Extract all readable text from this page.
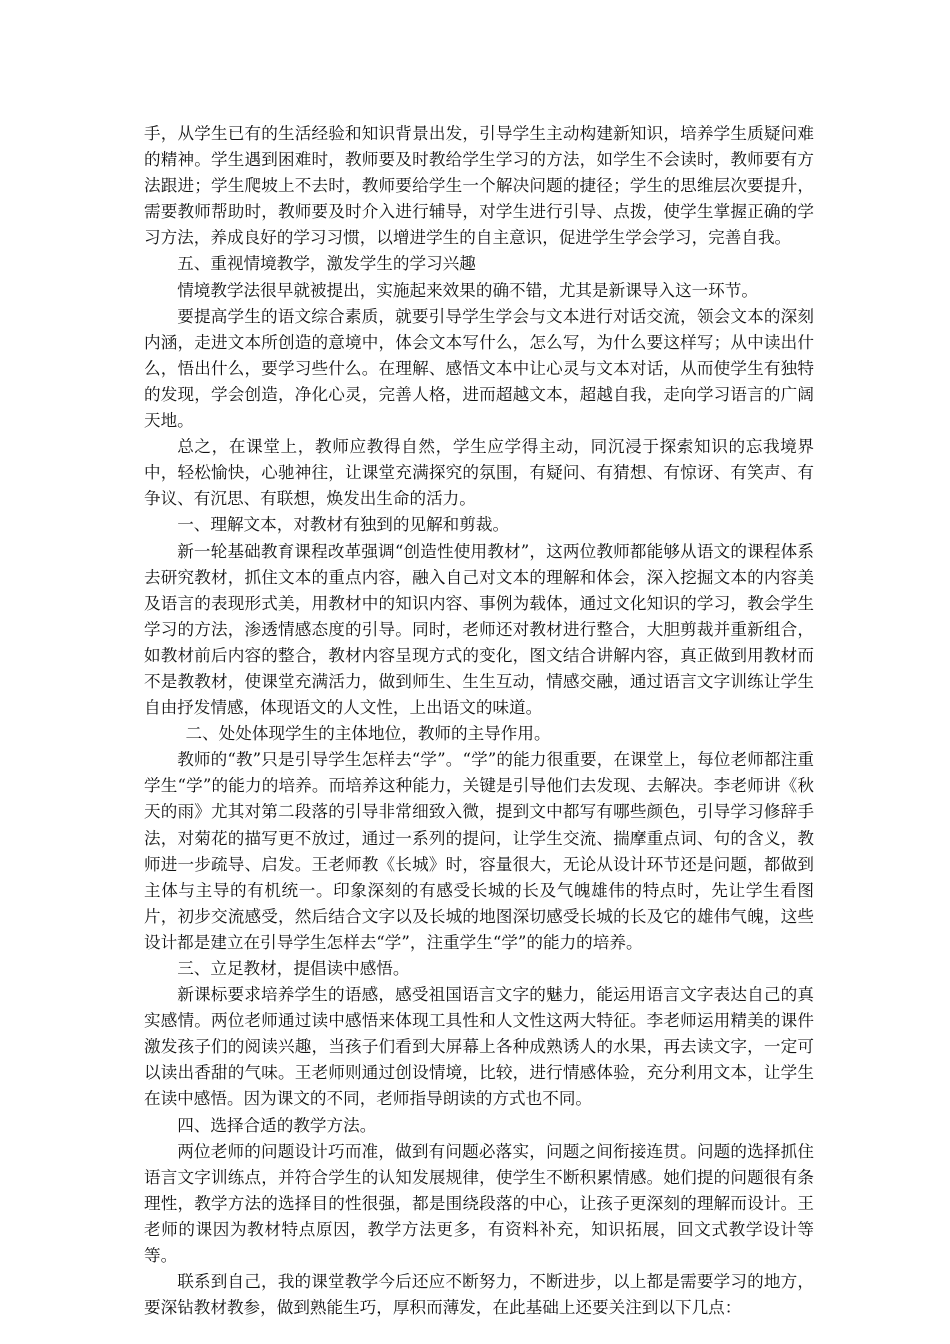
手，从学生已有的生活经验和知识背景出发，引导学生主动构建新知识，培养学生质疑问难的精神。学生遇到困难时，教师要及时教给学生学习的方法，如学生不会读时，教师要有方法跟进；学生爬坡上不去时，教师要给学生一个解决问题的捷径；学生的思维层次要提升，需要教师帮助时，教师要及时介入进行辅导，对学生进行引导、点拨，使学生掌握正确的学习方法，养成良好的学习习惯，以增进学生的自主意识，促进学生学会学习，完善自我。

五、重视情境教学，激发学生的学习兴趣

情境教学法很早就被提出，实施起来效果的确不错，尤其是新课导入这一环节。

要提高学生的语文综合素质，就要引导学生学会与文本进行对话交流，领会文本的深刻内涵，走进文本所创造的意境中，体会文本写什么，怎么写，为什么要这样写；从中读出什么，悟出什么，要学习些什么。在理解、感悟文本中让心灵与文本对话，从而使学生有独特的发现，学会创造，净化心灵，完善人格，进而超越文本，超越自我，走向学习语言的广阔天地。

总之，在课堂上，教师应教得自然，学生应学得主动，同沉浸于探索知识的忘我境界中，轻松愉快，心驰神往，让课堂充满探究的氛围，有疑问、有猜想、有惊讶、有笑声、有争议、有沉思、有联想，焕发出生命的活力。

一、理解文本，对教材有独到的见解和剪裁。

新一轮基础教育课程改革强调“创造性使用教材”，这两位教师都能够从语文的课程体系去研究教材，抓住文本的重点内容，融入自己对文本的理解和体会，深入挖掘文本的内容美及语言的表现形式美，用教材中的知识内容、事例为载体，通过文化知识的学习，教会学生学习的方法，渗透情感态度的引导。同时，老师还对教材进行整合，大胆剪裁并重新组合，如教材前后内容的整合，教材内容呈现方式的变化，图文结合讲解内容，真正做到用教材而不是教教材，使课堂充满活力，做到师生、生生互动，情感交融，通过语言文字训练让学生自由抒发情感，体现语文的人文性，上出语文的味道。

二、处处体现学生的主体地位，教师的主导作用。

教师的“教”只是引导学生怎样去“学”。“学”的能力很重要，在课堂上，每位老师都注重学生“学”的能力的培养。而培养这种能力，关键是引导他们去发现、去解决。李老师讲《秋天的雨》尤其对第二段落的引导非常细致入微，提到文中都写有哪些颜色，引导学习修辞手法，对菊花的描写更不放过，通过一系列的提问，让学生交流、揣摩重点词、句的含义，教师进一步疏导、启发。王老师教《长城》时，容量很大，无论从设计环节还是问题，都做到主体与主导的有机统一。印象深刻的有感受长城的长及气魄雄伟的特点时，先让学生看图片，初步交流感受，然后结合文字以及长城的地图深切感受长城的长及它的雄伟气魄，这些设计都是建立在引导学生怎样去“学”，注重学生“学”的能力的培养。

三、立足教材，提倡读中感悟。

新课标要求培养学生的语感，感受祖国语言文字的魅力，能运用语言文字表达自己的真实感情。两位老师通过读中感悟来体现工具性和人文性这两大特征。李老师运用精美的课件激发孩子们的阅读兴趣，当孩子们看到大屏幕上各种成熟诱人的水果，再去读文字，一定可以读出香甜的气味。王老师则通过创设情境，比较，进行情感体验，充分利用文本，让学生在读中感悟。因为课文的不同，老师指导朗读的方式也不同。

四、选择合适的教学方法。

两位老师的问题设计巧而准，做到有问题必落实，问题之间衔接连贯。问题的选择抓住语言文字训练点，并符合学生的认知发展规律，使学生不断积累情感。她们提的问题很有条理性，教学方法的选择目的性很强，都是围绕段落的中心，让孩子更深刻的理解而设计。王老师的课因为教材特点原因，教学方法更多，有资料补充，知识拓展，回文式教学设计等等。

联系到自己，我的课堂教学今后还应不断努力，不断进步，以上都是需要学习的地方，要深钻教材教参，做到熟能生巧，厚积而薄发，在此基础上还要关注到以下几点：
